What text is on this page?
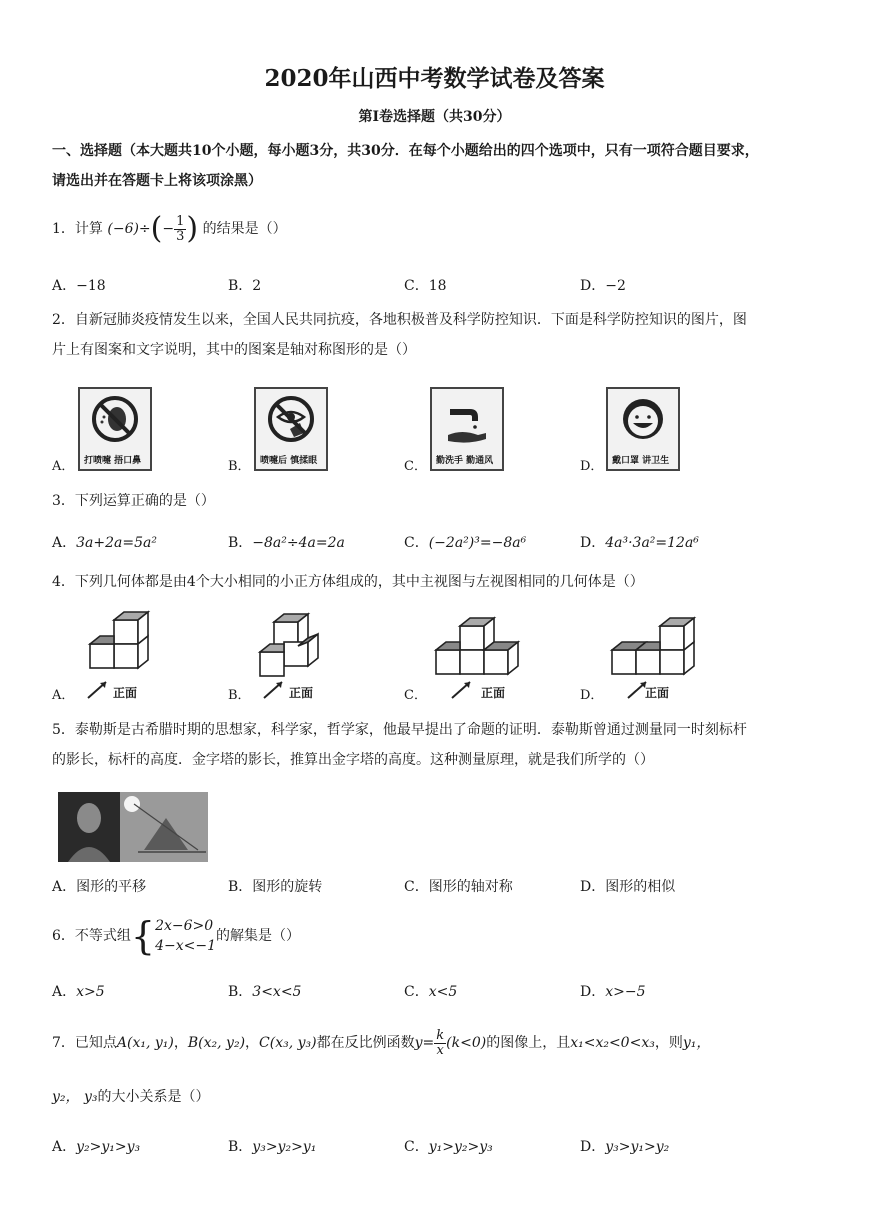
2020年山西中考数学试卷及答案
第Ⅰ卷选择题（共30分）
一、选择题（本大题共10个小题，每小题3分，共30分．在每个小题给出的四个选项中，只有一项符合题目要求，
请选出并在答题卡上将该项涂黑）
1．计算 $(-6)\div(- \frac{1}{3}$ ) 的结果是（）
A．−18	B．2	C．18	D．−2
2．自新冠肺炎疫情发生以来，全国人民共同抗疫，各地积极普及科学防控知识．下面是科学防控知识的图片，图
片上有图案和文字说明，其中的图案是轴对称图形的是（）
A． 打喷嚏 捂口鼻	B． 喷嚏后 慎揉眼	C． 勤洗手 勤通风	D． 戴口罩 讲卫生
3．下列运算正确的是（）
A．3a+2a=5a²	B．−8a²÷4a=2a	C．(−2a²)³=−8a⁶	D．4a³·3a²=12a⁶
4．下列几何体都是由4个大小相同的小正方体组成的，其中主视图与左视图相同的几何体是（）
A．	正面	B．	正面	C．	正面	D．	正面
5．泰勒斯是古希腊时期的思想家，科学家，哲学家，他最早提出了命题的证明．泰勒斯曾通过测量同一时刻标杆
的影长，标杆的高度．金字塔的影长，推算出金字塔的高度。这种测量原理，就是我们所学的（）
A．图形的平移	B．图形的旋转	C．图形的轴对称	D．图形的相似
6．不等式组{ 2x−6>0
4−x<−1
的解集是（）
A．x>5	B．3<x<5	C．x<5	D．x>−5
7．已知点A(x₁, y₁)，B(x₂, y₂)，C(x₃, y₃)都在反比例函数$y= \frac{k}{x} (k<0)$的图像上，且x₁<x₂<0<x₃，则y₁，
y₂， y₃的大小关系是（）
A．y₂>y₁>y₃	B．y₃>y₂>y₁	C．y₁>y₂>y₃	D．y₃>y₁>y₂
